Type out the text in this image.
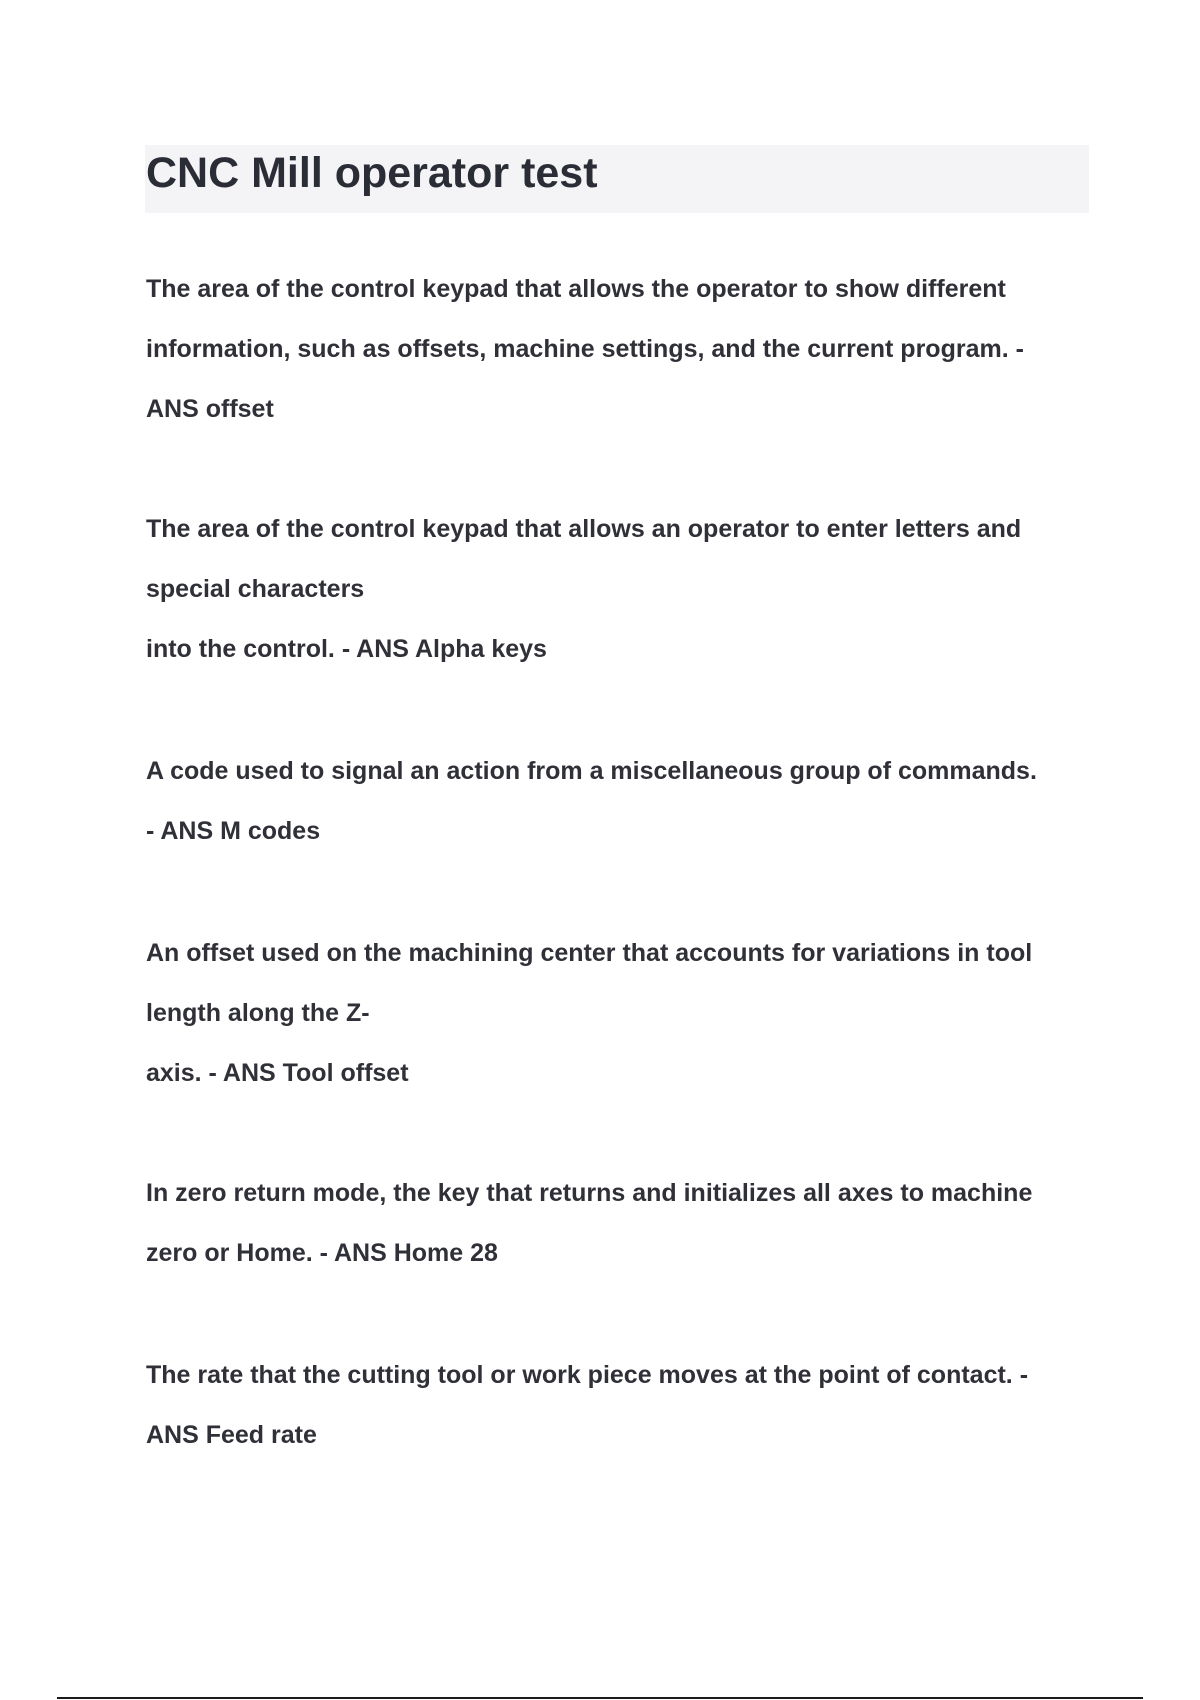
CNC Mill operator test

The area of the control keypad that allows the operator to show different
information, such as offsets, machine settings, and the current program. -
ANS offset

The area of the control keypad that allows an operator to enter letters and
special characters
into the control. - ANS Alpha keys

A code used to signal an action from a miscellaneous group of commands.
- ANS M codes

An offset used on the machining center that accounts for variations in tool
length along the Z-
axis. - ANS Tool offset

In zero return mode, the key that returns and initializes all axes to machine
zero or Home. - ANS Home 28

The rate that the cutting tool or work piece moves at the point of contact. -
ANS Feed rate
